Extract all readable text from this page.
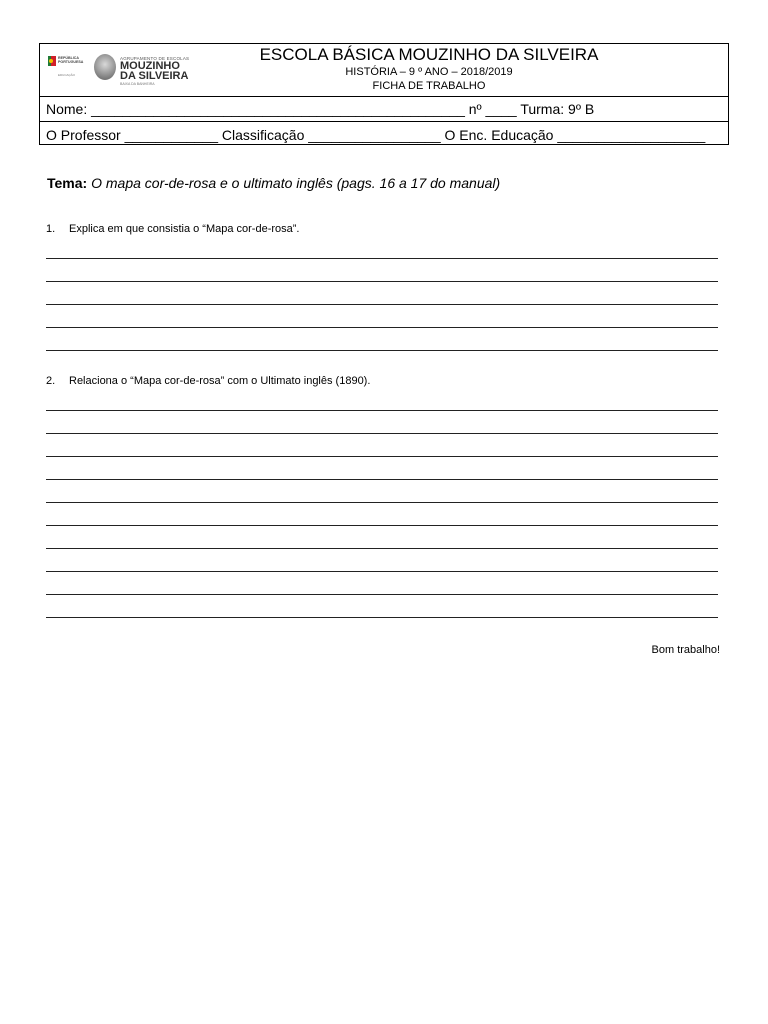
REPÚBLICA PORTUGUESA
EDUCAÇÃO
AGRUPAMENTO DE ESCOLAS
MOUZINHO
DA SILVEIRA
BAIXA DA BANHEIRA
ESCOLA BÁSICA MOUZINHO DA SILVEIRA
HISTÓRIA – 9 º ANO – 2018/2019
FICHA DE TRABALHO
Nome: ________________________________________________ nº ____ Turma: 9º B
O Professor ____________ Classificação _________________ O Enc. Educação ___________________
Tema: O mapa cor-de-rosa e o ultimato inglês (pags. 16 a 17 do manual)
1. Explica em que consistia o “Mapa cor-de-rosa”.
2. Relaciona o “Mapa cor-de-rosa” com o Ultimato inglês (1890).
Bom trabalho!
